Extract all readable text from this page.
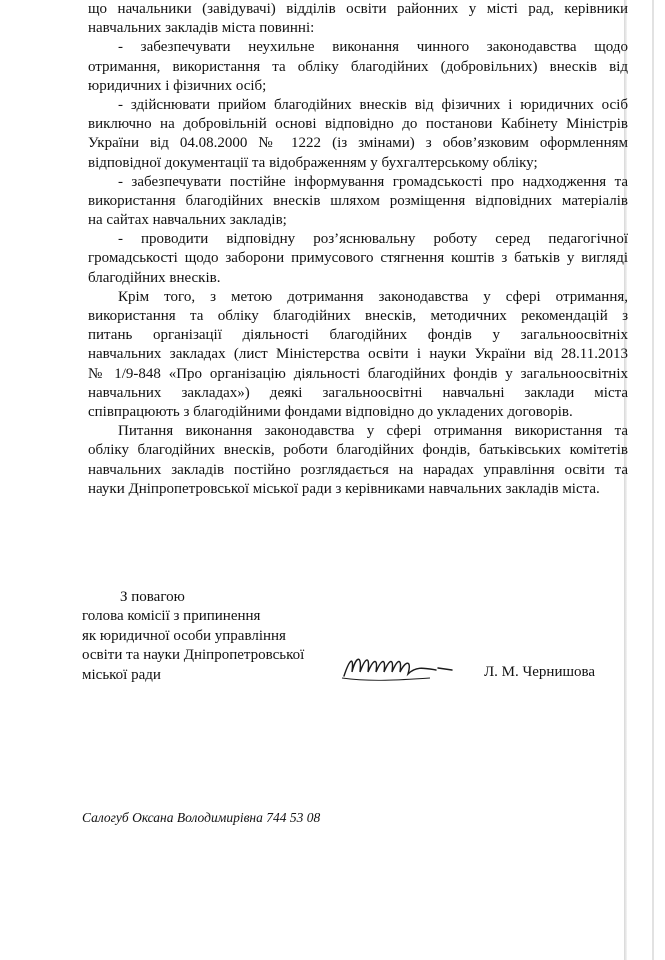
що начальники (завідувачі) відділів освіти районних у місті рад, керівники
навчальних закладів міста повинні:
- забезпечувати неухильне виконання чинного законодавства щодо
отримання, використання та обліку благодійних (добровільних) внесків від
юридичних і фізичних осіб;
- здійснювати прийом благодійних внесків від фізичних і юридичних осіб
виключно на добровільній основі відповідно до постанови Кабінету Міністрів
України від 04.08.2000 № 1222 (із змінами) з обов’язковим оформленням
відповідної документації та відображенням у бухгалтерському обліку;
- забезпечувати постійне інформування громадськості про надходження та
використання благодійних внесків шляхом розміщення відповідних матеріалів
на сайтах навчальних закладів;
- проводити відповідну роз’яснювальну роботу серед педагогічної
громадськості щодо заборони примусового стягнення коштів з батьків у вигляді
благодійних внесків.
Крім того, з метою дотримання законодавства у сфері отримання,
використання та обліку благодійних внесків, методичних рекомендацій з
питань організації діяльності благодійних фондів у загальноосвітніх
навчальних закладах (лист Міністерства освіти і науки України від 28.11.2013
№ 1/9-848 «Про організацію діяльності благодійних фондів у загальноосвітніх
навчальних закладах») деякі загальноосвітні навчальні заклади міста
співпрацюють з благодійними фондами відповідно до укладених договорів.
Питання виконання законодавства у сфері отримання використання та
обліку благодійних внесків, роботи благодійних фондів, батьківських комітетів
навчальних закладів постійно розглядається на нарадах управління освіти та
науки Дніпропетровської міської ради з керівниками навчальних закладів міста.
З повагою
голова комісії з припинення
як юридичної особи управління
освіти та науки Дніпропетровської
міської ради	Л. М. Чернишова
Салогуб Оксана Володимирівна 744 53 08
